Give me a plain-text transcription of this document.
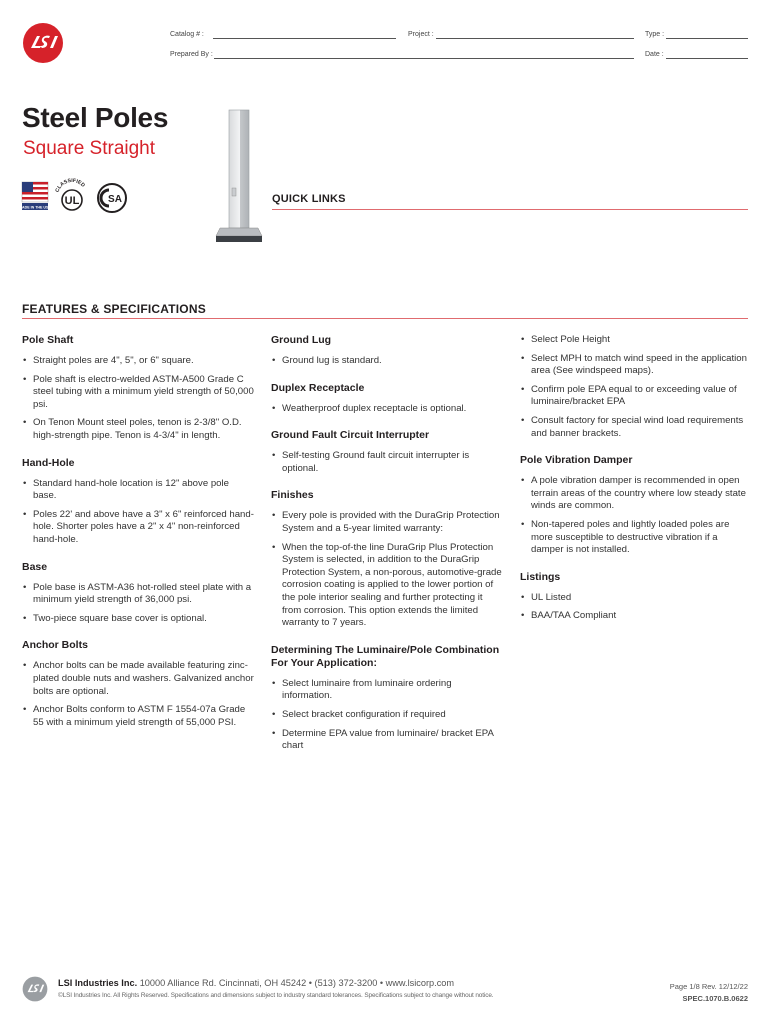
Catalog # :	Project :	Type :
Prepared By :	Date :
Steel Poles
Square Straight
MADE IN THE USA
CLASSIFIED
UL	SA	QUICK LINKS
FEATURES & SPECIFICATIONS
Pole Shaft
• Straight poles are 4", 5", or 6" square.
• Pole shaft is electro-welded ASTM-A500 Grade C steel tubing with a minimum yield strength of 50,000 psi.
• On Tenon Mount steel poles, tenon is 2-3/8" O.D. high-strength pipe. Tenon is 4-3/4" in length.
Hand-Hole
• Standard hand-hole location is 12" above pole base.
• Poles 22' and above have a 3" x 6" reinforced hand-hole. Shorter poles have a 2" x 4" non-reinforced hand-hole.
Base
• Pole base is ASTM-A36 hot-rolled steel plate with a minimum yield strength of 36,000 psi.
• Two-piece square base cover is optional.
Anchor Bolts
• Anchor bolts can be made available featuring zinc-plated double nuts and washers. Galvanized anchor bolts are optional.
• Anchor Bolts conform to ASTM F 1554-07a Grade 55 with a minimum yield strength of 55,000 PSI.
Ground Lug
• Ground lug is standard.
Duplex Receptacle
• Weatherproof duplex receptacle is optional.
Ground Fault Circuit Interrupter
• Self-testing Ground fault circuit interrupter is optional.
Finishes
• Every pole is provided with the DuraGrip Protection System and a 5-year limited warranty:
• When the top-of-the line DuraGrip Plus Protection System is selected, in addition to the DuraGrip Protection System, a non-porous, automotive-grade corrosion coating is applied to the lower portion of the pole interior sealing and further protecting it from corrosion. This option extends the limited warranty to 7 years.
Determining The Luminaire/Pole Combination For Your Application:
• Select luminaire from luminaire ordering information.
• Select bracket configuration if required
• Determine EPA value from luminaire/ bracket EPA chart
• Select Pole Height
• Select MPH to match wind speed in the application area (See windspeed maps).
• Confirm pole EPA equal to or exceeding value of luminaire/bracket EPA
• Consult factory for special wind load requirements and banner brackets.
Pole Vibration Damper
• A pole vibration damper is recommended in open terrain areas of the country where low steady state winds are common.
• Non-tapered poles and lightly loaded poles are more susceptible to destructive vibration if a damper is not installed.
Listings
• UL Listed
• BAA/TAA Compliant
LSI Industries Inc. 10000 Alliance Rd. Cincinnati, OH 45242 • (513) 372-3200 • www.lsicorp.com
©LSI Industries Inc. All Rights Reserved. Specifications and dimensions subject to industry standard tolerances. Specifications subject to change without notice.
Page 1/8 Rev. 12/12/22
SPEC.1070.B.0622
